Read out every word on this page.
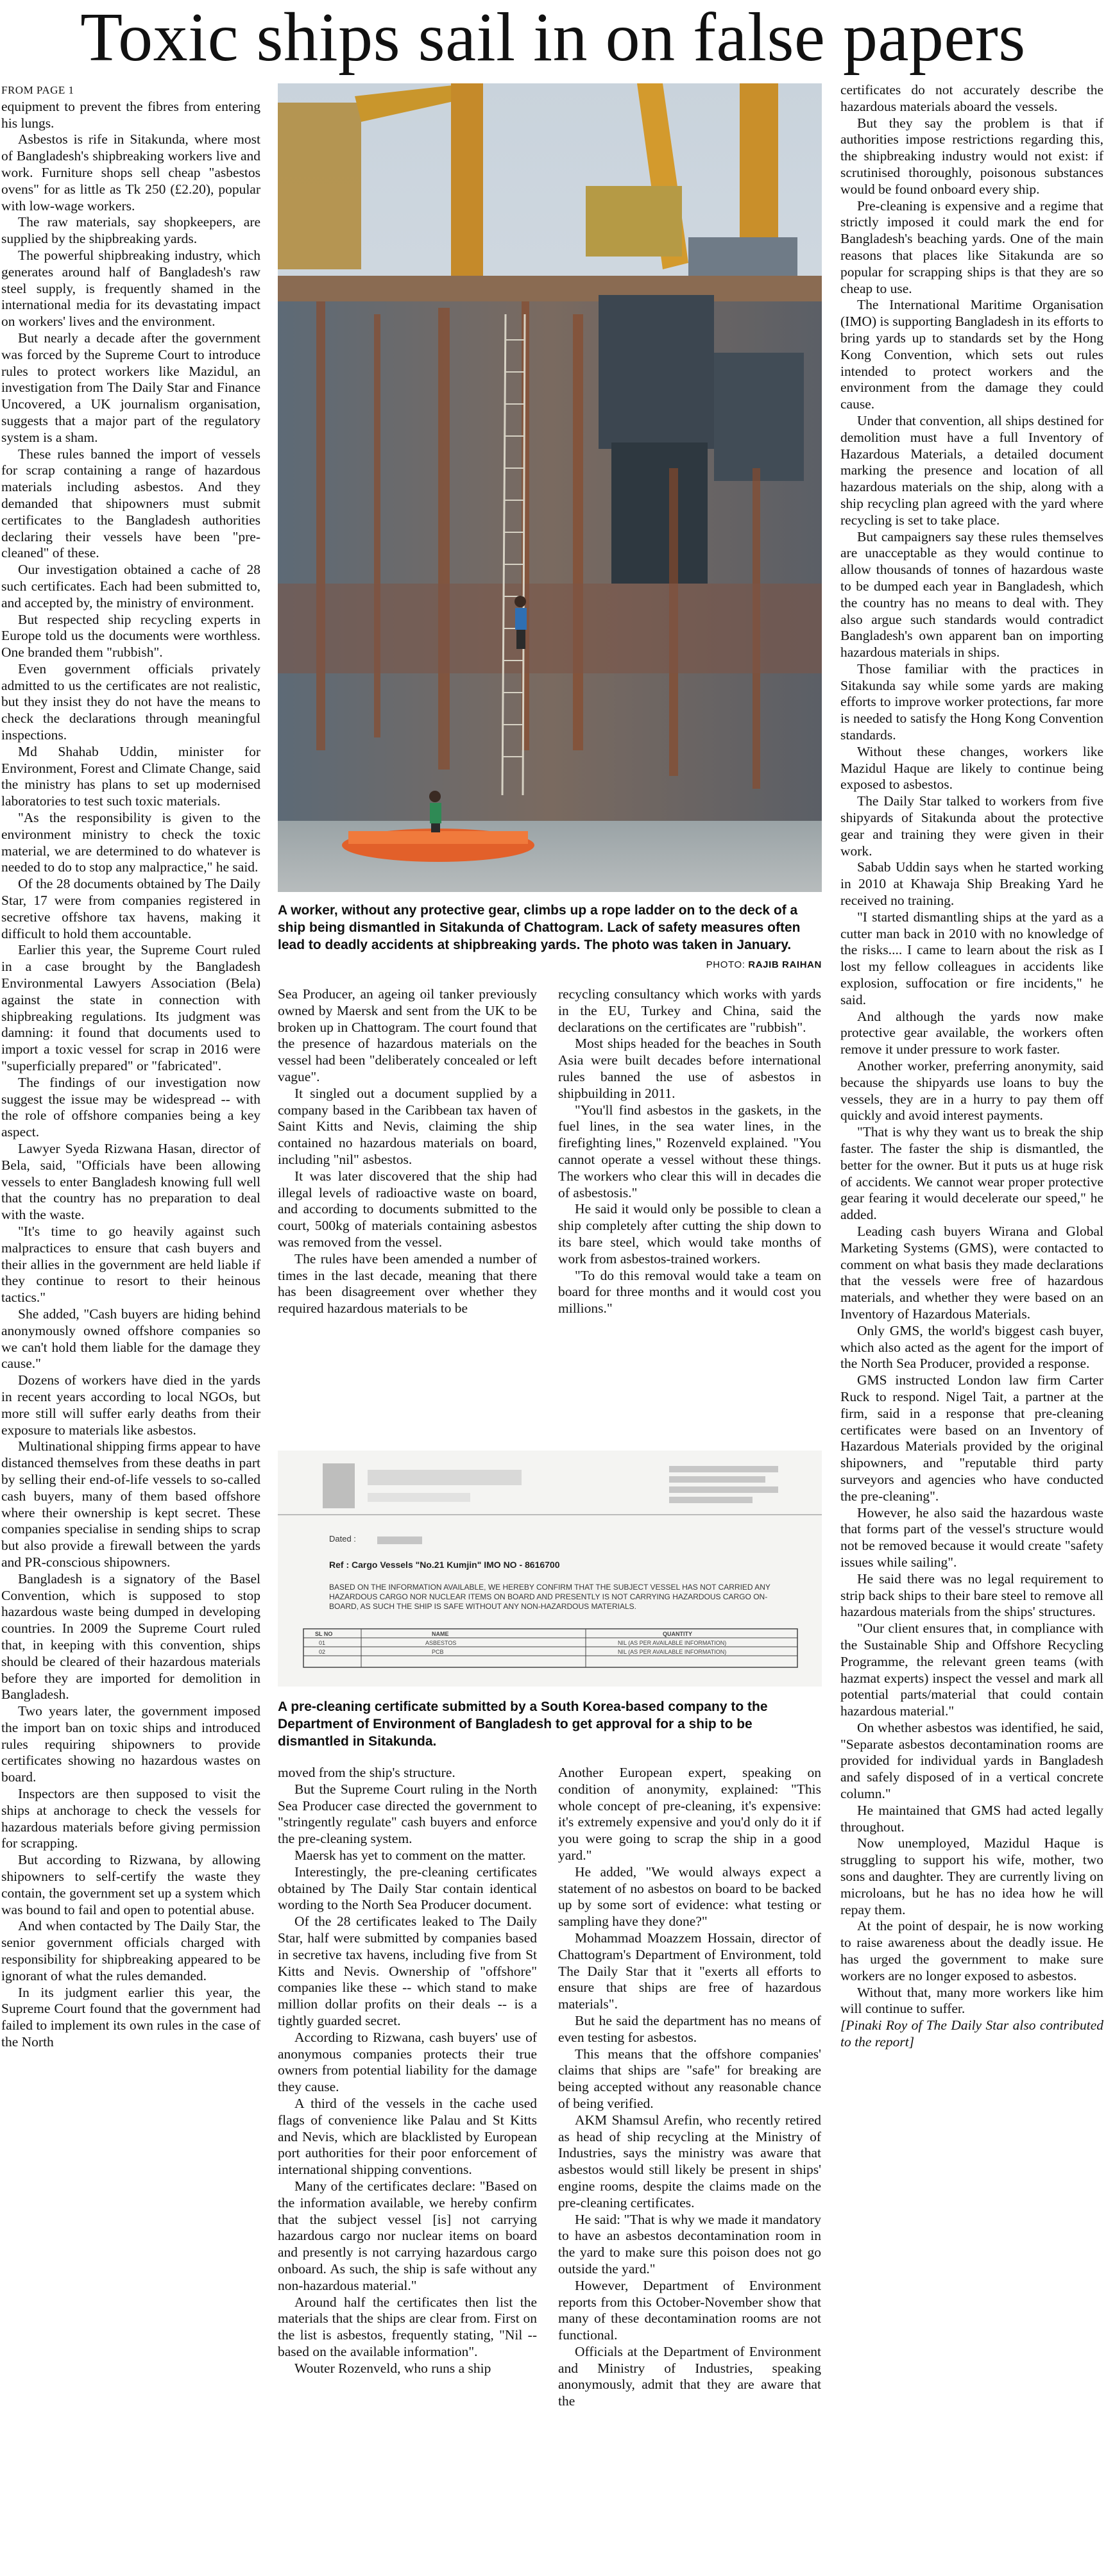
Toxic ships sail in on false papers

FROM PAGE 1

equipment to prevent the fibres from entering his lungs.

Asbestos is rife in Sitakunda, where most of Bangladesh's shipbreaking workers live and work. Furniture shops sell cheap "asbestos ovens" for as little as Tk 250 (£2.20), popular with low-wage workers.

The raw materials, say shopkeepers, are supplied by the shipbreaking yards.

The powerful shipbreaking industry, which generates around half of Bangladesh's raw steel supply, is frequently shamed in the international media for its devastating impact on workers' lives and the environment.

But nearly a decade after the government was forced by the Supreme Court to introduce rules to protect workers like Mazidul, an investigation from The Daily Star and Finance Uncovered, a UK journalism organisation, suggests that a major part of the regulatory system is a sham.

These rules banned the import of vessels for scrap containing a range of hazardous materials including asbestos. And they demanded that shipowners must submit certificates to the Bangladesh authorities declaring their vessels have been "pre-cleaned" of these.

Our investigation obtained a cache of 28 such certificates. Each had been submitted to, and accepted by, the ministry of environment.

But respected ship recycling experts in Europe told us the documents were worthless. One branded them "rubbish".

Even government officials privately admitted to us the certificates are not realistic, but they insist they do not have the means to check the declarations through meaningful inspections.

Md Shahab Uddin, minister for Environment, Forest and Climate Change, said the ministry has plans to set up modernised laboratories to test such toxic materials.

"As the responsibility is given to the environment ministry to check the toxic material, we are determined to do whatever is needed to do to stop any malpractice," he said.

Of the 28 documents obtained by The Daily Star, 17 were from companies registered in secretive offshore tax havens, making it difficult to hold them accountable.

Earlier this year, the Supreme Court ruled in a case brought by the Bangladesh Environmental Lawyers Association (Bela) against the state in connection with shipbreaking regulations. Its judgment was damning: it found that documents used to import a toxic vessel for scrap in 2016 were "superficially prepared" or "fabricated".

The findings of our investigation now suggest the issue may be widespread -- with the role of offshore companies being a key aspect.

Lawyer Syeda Rizwana Hasan, director of Bela, said, "Officials have been allowing vessels to enter Bangladesh knowing full well that the country has no preparation to deal with the waste.

"It's time to go heavily against such malpractices to ensure that cash buyers and their allies in the government are held liable if they continue to resort to their heinous tactics."

She added, "Cash buyers are hiding behind anonymously owned offshore companies so we can't hold them liable for the damage they cause."

Dozens of workers have died in the yards in recent years according to local NGOs, but more still will suffer early deaths from their exposure to materials like asbestos.

Multinational shipping firms appear to have distanced themselves from these deaths in part by selling their end-of-life vessels to so-called cash buyers, many of them based offshore where their ownership is kept secret. These companies specialise in sending ships to scrap but also provide a firewall between the yards and PR-conscious shipowners.

Bangladesh is a signatory of the Basel Convention, which is supposed to stop hazardous waste being dumped in developing countries. In 2009 the Supreme Court ruled that, in keeping with this convention, ships should be cleared of their hazardous materials before they are imported for demolition in Bangladesh.

Two years later, the government imposed the import ban on toxic ships and introduced rules requiring shipowners to provide certificates showing no hazardous wastes on board.

Inspectors are then supposed to visit the ships at anchorage to check the vessels for hazardous materials before giving permission for scrapping.

But according to Rizwana, by allowing shipowners to self-certify the waste they contain, the government set up a system which was bound to fail and open to potential abuse.

And when contacted by The Daily Star, the senior government officials charged with responsibility for shipbreaking appeared to be ignorant of what the rules demanded.

In its judgment earlier this year, the Supreme Court found that the government had failed to implement its own rules in the case of the North

A worker, without any protective gear, climbs up a rope ladder on to the deck of a ship being dismantled in Sitakunda of Chattogram. Lack of safety measures often lead to deadly accidents at shipbreaking yards. The photo was taken in January.
PHOTO: RAJIB RAIHAN

Sea Producer, an ageing oil tanker previously owned by Maersk and sent from the UK to be broken up in Chattogram. The court found that the presence of hazardous materials on the vessel had been "deliberately concealed or left vague".

It singled out a document supplied by a company based in the Caribbean tax haven of Saint Kitts and Nevis, claiming the ship contained no hazardous materials on board, including "nil" asbestos.

It was later discovered that the ship had illegal levels of radioactive waste on board, and according to documents submitted to the court, 500kg of materials containing asbestos was removed from the vessel.

The rules have been amended a number of times in the last decade, meaning that there has been disagreement over whether they required hazardous materials to be

recycling consultancy which works with yards in the EU, Turkey and China, said the declarations on the certificates are "rubbish".

Most ships headed for the beaches in South Asia were built decades before international rules banned the use of asbestos in shipbuilding in 2011.

"You'll find asbestos in the gaskets, in the fuel lines, in the sea water lines, in the firefighting lines," Rozenveld explained. "You cannot operate a vessel without these things. The workers who clear this will in decades die of asbestosis."

He said it would only be possible to clean a ship completely after cutting the ship down to its bare steel, which would take months of work from asbestos-trained workers.

"To do this removal would take a team on board for three months and it would cost you millions."

Dated :
Ref : Cargo Vessels "No.21 Kumjin" IMO NO - 8616700
BASED ON THE INFORMATION AVAILABLE, WE HEREBY CONFIRM THAT THE SUBJECT VESSEL HAS NOT CARRIED ANY HAZARDOUS CARGO NOR NUCLEAR ITEMS ON BOARD AND PRESENTLY IS NOT CARRYING HAZARDOUS CARGO ON-BOARD, AS SUCH THE SHIP IS SAFE WITHOUT ANY NON-HAZARDOUS MATERIALS.
SL NO	NAME	QUANTITY
01	ASBESTOS	NIL (AS PER AVAILABLE INFORMATION)
02	PCB	NIL (AS PER AVAILABLE INFORMATION)
A pre-cleaning certificate submitted by a South Korea-based company to the Department of Environment of Bangladesh to get approval for a ship to be dismantled in Sitakunda.

moved from the ship's structure.

But the Supreme Court ruling in the North Sea Producer case directed the government to "stringently regulate" cash buyers and enforce the pre-cleaning system.

Maersk has yet to comment on the matter.

Interestingly, the pre-cleaning certificates obtained by The Daily Star contain identical wording to the North Sea Producer document.

Of the 28 certificates leaked to The Daily Star, half were submitted by companies based in secretive tax havens, including five from St Kitts and Nevis. Ownership of "offshore" companies like these -- which stand to make million dollar profits on their deals -- is a tightly guarded secret.

According to Rizwana, cash buyers' use of anonymous companies protects their true owners from potential liability for the damage they cause.

A third of the vessels in the cache used flags of convenience like Palau and St Kitts and Nevis, which are blacklisted by European port authorities for their poor enforcement of international shipping conventions.

Many of the certificates declare: "Based on the information available, we hereby confirm that the subject vessel [is] not carrying hazardous cargo nor nuclear items on board and presently is not carrying hazardous cargo onboard. As such, the ship is safe without any non-hazardous material."

Around half the certificates then list the materials that the ships are clear from. First on the list is asbestos, frequently stating, "Nil -- based on the available information".

Wouter Rozenveld, who runs a ship

Another European expert, speaking on condition of anonymity, explained: "This whole concept of pre-cleaning, it's expensive: it's extremely expensive and you'd only do it if you were going to scrap the ship in a good yard."

He added, "We would always expect a statement of no asbestos on board to be backed up by some sort of evidence: what testing or sampling have they done?"

Mohammad Moazzem Hossain, director of Chattogram's Department of Environment, told The Daily Star that it "exerts all efforts to ensure that ships are free of hazardous materials".

But he said the department has no means of even testing for asbestos.

This means that the offshore companies' claims that ships are "safe" for breaking are being accepted without any reasonable chance of being verified.

AKM Shamsul Arefin, who recently retired as head of ship recycling at the Ministry of Industries, says the ministry was aware that asbestos would still likely be present in ships' engine rooms, despite the claims made on the pre-cleaning certificates.

He said: "That is why we made it mandatory to have an asbestos decontamination room in the yard to make sure this poison does not go outside the yard."

However, Department of Environment reports from this October-November show that many of these decontamination rooms are not functional.

Officials at the Department of Environment and Ministry of Industries, speaking anonymously, admit that they are aware that the

certificates do not accurately describe the hazardous materials aboard the vessels.

But they say the problem is that if authorities impose restrictions regarding this, the shipbreaking industry would not exist: if scrutinised thoroughly, poisonous substances would be found onboard every ship.

Pre-cleaning is expensive and a regime that strictly imposed it could mark the end for Bangladesh's beaching yards. One of the main reasons that places like Sitakunda are so popular for scrapping ships is that they are so cheap to use.

The International Maritime Organisation (IMO) is supporting Bangladesh in its efforts to bring yards up to standards set by the Hong Kong Convention, which sets out rules intended to protect workers and the environment from the damage they could cause.

Under that convention, all ships destined for demolition must have a full Inventory of Hazardous Materials, a detailed document marking the presence and location of all hazardous materials on the ship, along with a ship recycling plan agreed with the yard where recycling is set to take place.

But campaigners say these rules themselves are unacceptable as they would continue to allow thousands of tonnes of hazardous waste to be dumped each year in Bangladesh, which the country has no means to deal with. They also argue such standards would contradict Bangladesh's own apparent ban on importing hazardous materials in ships.

Those familiar with the practices in Sitakunda say while some yards are making efforts to improve worker protections, far more is needed to satisfy the Hong Kong Convention standards.

Without these changes, workers like Mazidul Haque are likely to continue being exposed to asbestos.

The Daily Star talked to workers from five shipyards of Sitakunda about the protective gear and training they were given in their work.

Sabab Uddin says when he started working in 2010 at Khawaja Ship Breaking Yard he received no training.

"I started dismantling ships at the yard as a cutter man back in 2010 with no knowledge of the risks.... I came to learn about the risk as I lost my fellow colleagues in accidents like explosion, suffocation or fire incidents," he said.

And although the yards now make protective gear available, the workers often remove it under pressure to work faster.

Another worker, preferring anonymity, said because the shipyards use loans to buy the vessels, they are in a hurry to pay them off quickly and avoid interest payments.

"That is why they want us to break the ship faster. The faster the ship is dismantled, the better for the owner. But it puts us at huge risk of accidents. We cannot wear proper protective gear fearing it would decelerate our speed," he added.

Leading cash buyers Wirana and Global Marketing Systems (GMS), were contacted to comment on what basis they made declarations that the vessels were free of hazardous materials, and whether they were based on an Inventory of Hazardous Materials.

Only GMS, the world's biggest cash buyer, which also acted as the agent for the import of the North Sea Producer, provided a response.

GMS instructed London law firm Carter Ruck to respond. Nigel Tait, a partner at the firm, said in a response that pre-cleaning certificates were based on an Inventory of Hazardous Materials provided by the original shipowners, and "reputable third party surveyors and agencies who have conducted the pre-cleaning".

However, he also said the hazardous waste that forms part of the vessel's structure would not be removed because it would create "safety issues while sailing".

He said there was no legal requirement to strip back ships to their bare steel to remove all hazardous materials from the ships' structures.

"Our client ensures that, in compliance with the Sustainable Ship and Offshore Recycling Programme, the relevant green teams (with hazmat experts) inspect the vessel and mark all potential parts/material that could contain hazardous material."

On whether asbestos was identified, he said, "Separate asbestos decontamination rooms are provided for individual yards in Bangladesh and safely disposed of in a vertical concrete column."

He maintained that GMS had acted legally throughout.

Now unemployed, Mazidul Haque is struggling to support his wife, mother, two sons and daughter. They are currently living on microloans, but he has no idea how he will repay them.

At the point of despair, he is now working to raise awareness about the deadly issue. He has urged the government to make sure workers are no longer exposed to asbestos.

Without that, many more workers like him will continue to suffer.

[Pinaki Roy of The Daily Star also contributed to the report]
